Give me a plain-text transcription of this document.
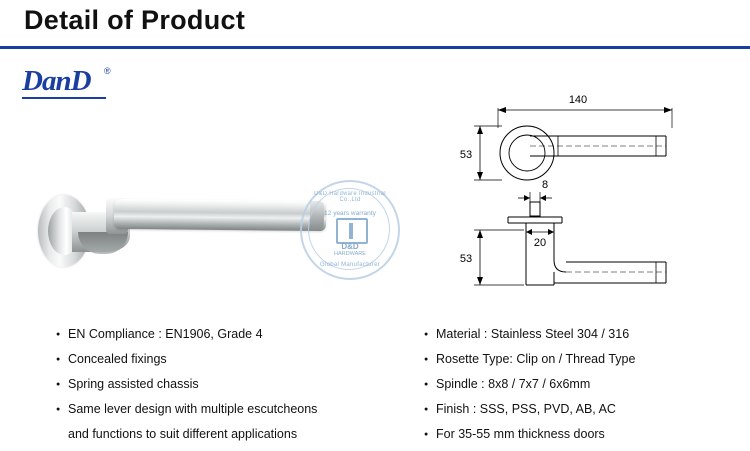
Detail of Product
DanD	®
D&D Hardware Industrial Co.,Ltd
12 years warranty
D&D
HARDWARE
Global Manufacturer
140
53
8
20
53
● EN Compliance : EN1906, Grade 4
● Concealed fixings
● Spring assisted chassis
● Same lever design with multiple escutcheons
and functions to suit different applications
● Material : Stainless Steel 304 / 316
● Rosette Type: Clip on / Thread Type
● Spindle : 8x8 / 7x7 / 6x6mm
● Finish : SSS, PSS, PVD, AB, AC
● For 35-55 mm thickness doors
